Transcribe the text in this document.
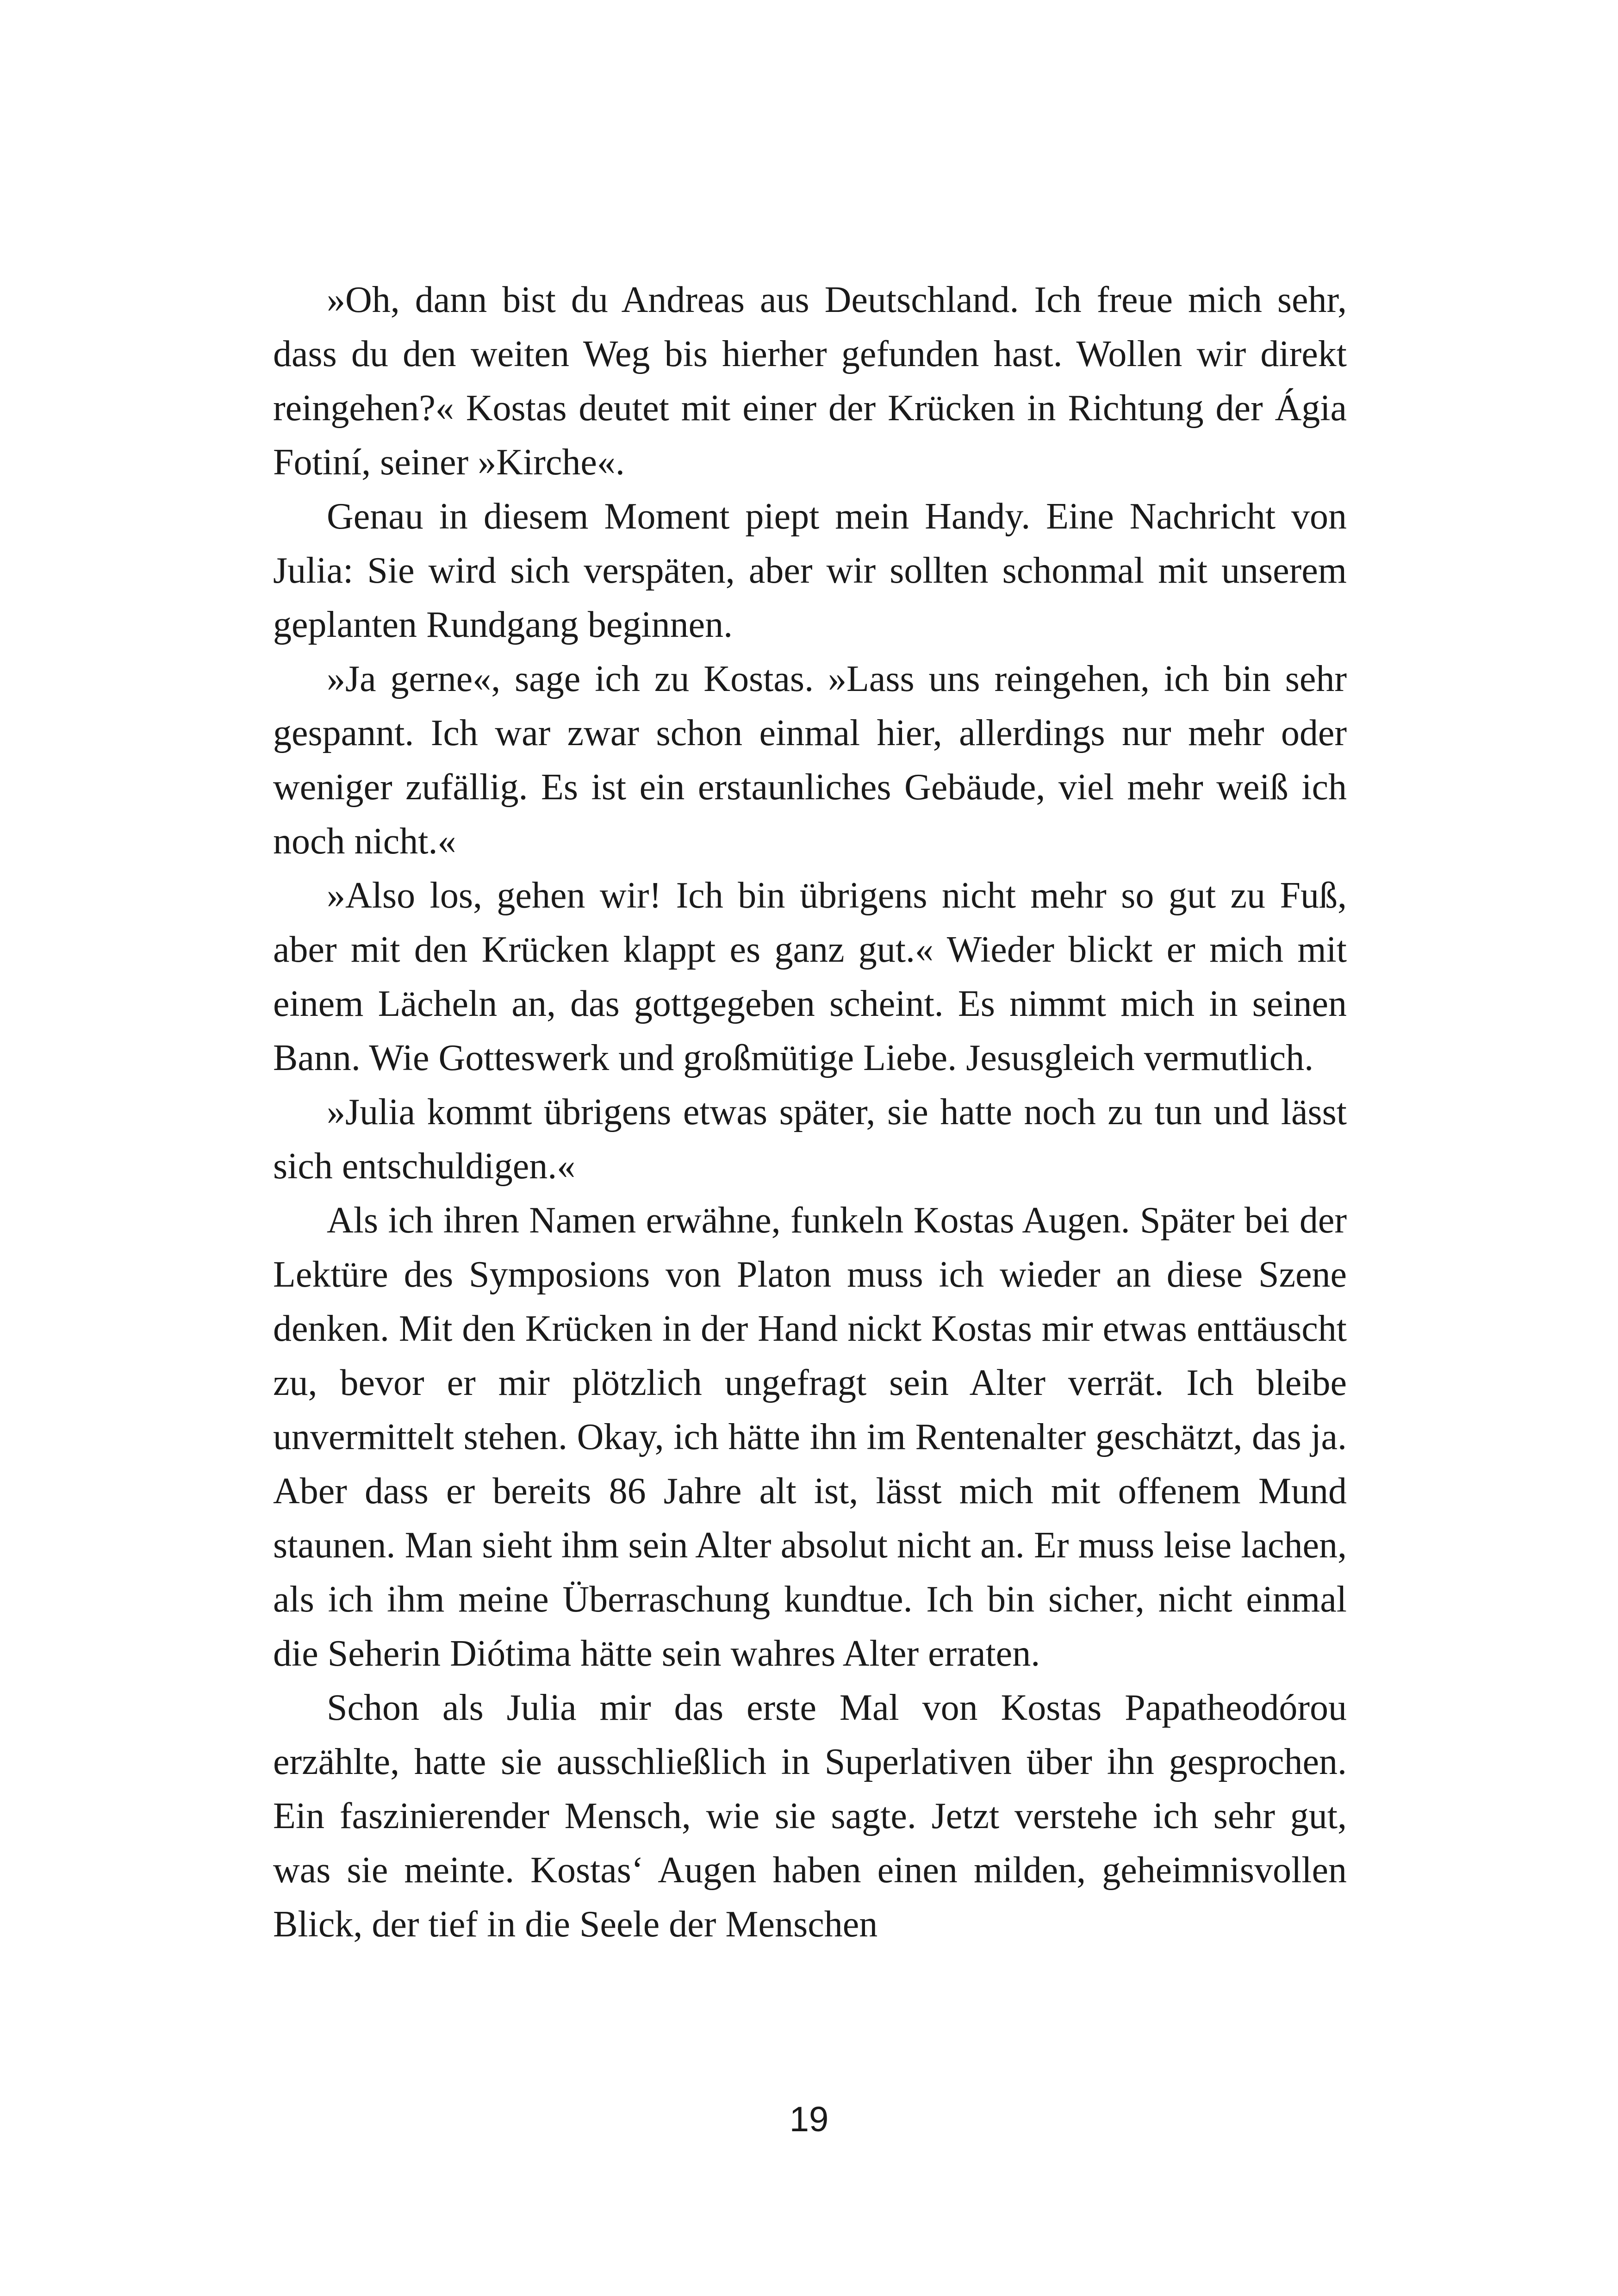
»Oh, dann bist du Andreas aus Deutschland. Ich freue mich sehr, dass du den weiten Weg bis hierher gefunden hast. Wollen wir direkt reingehen?« Kostas deutet mit einer der Krücken in Richtung der Ágia Fotiní, seiner »Kirche«.

Genau in diesem Moment piept mein Handy. Eine Nachricht von Julia: Sie wird sich verspäten, aber wir sollten schonmal mit unserem geplanten Rundgang beginnen.

»Ja gerne«, sage ich zu Kostas. »Lass uns reingehen, ich bin sehr gespannt. Ich war zwar schon einmal hier, allerdings nur mehr oder weniger zufällig. Es ist ein erstaunliches Gebäude, viel mehr weiß ich noch nicht.«

»Also los, gehen wir! Ich bin übrigens nicht mehr so gut zu Fuß, aber mit den Krücken klappt es ganz gut.« Wieder blickt er mich mit einem Lächeln an, das gottgegeben scheint. Es nimmt mich in seinen Bann. Wie Gotteswerk und großmütige Liebe. Jesusgleich vermutlich.

»Julia kommt übrigens etwas später, sie hatte noch zu tun und lässt sich entschuldigen.«

Als ich ihren Namen erwähne, funkeln Kostas Augen. Später bei der Lektüre des Symposions von Platon muss ich wieder an diese Szene denken. Mit den Krücken in der Hand nickt Kostas mir etwas enttäuscht zu, bevor er mir plötzlich ungefragt sein Alter verrät. Ich bleibe unvermittelt stehen. Okay, ich hätte ihn im Rentenalter geschätzt, das ja. Aber dass er bereits 86 Jahre alt ist, lässt mich mit offenem Mund staunen. Man sieht ihm sein Alter absolut nicht an. Er muss leise lachen, als ich ihm meine Überraschung kundtue. Ich bin sicher, nicht einmal die Seherin Diótima hätte sein wahres Alter erraten.

Schon als Julia mir das erste Mal von Kostas Papatheodórou erzählte, hatte sie ausschließlich in Superlativen über ihn gesprochen. Ein faszinierender Mensch, wie sie sagte. Jetzt verstehe ich sehr gut, was sie meinte. Kostas‘ Augen haben einen milden, geheimnisvollen Blick, der tief in die Seele der Menschen

19
